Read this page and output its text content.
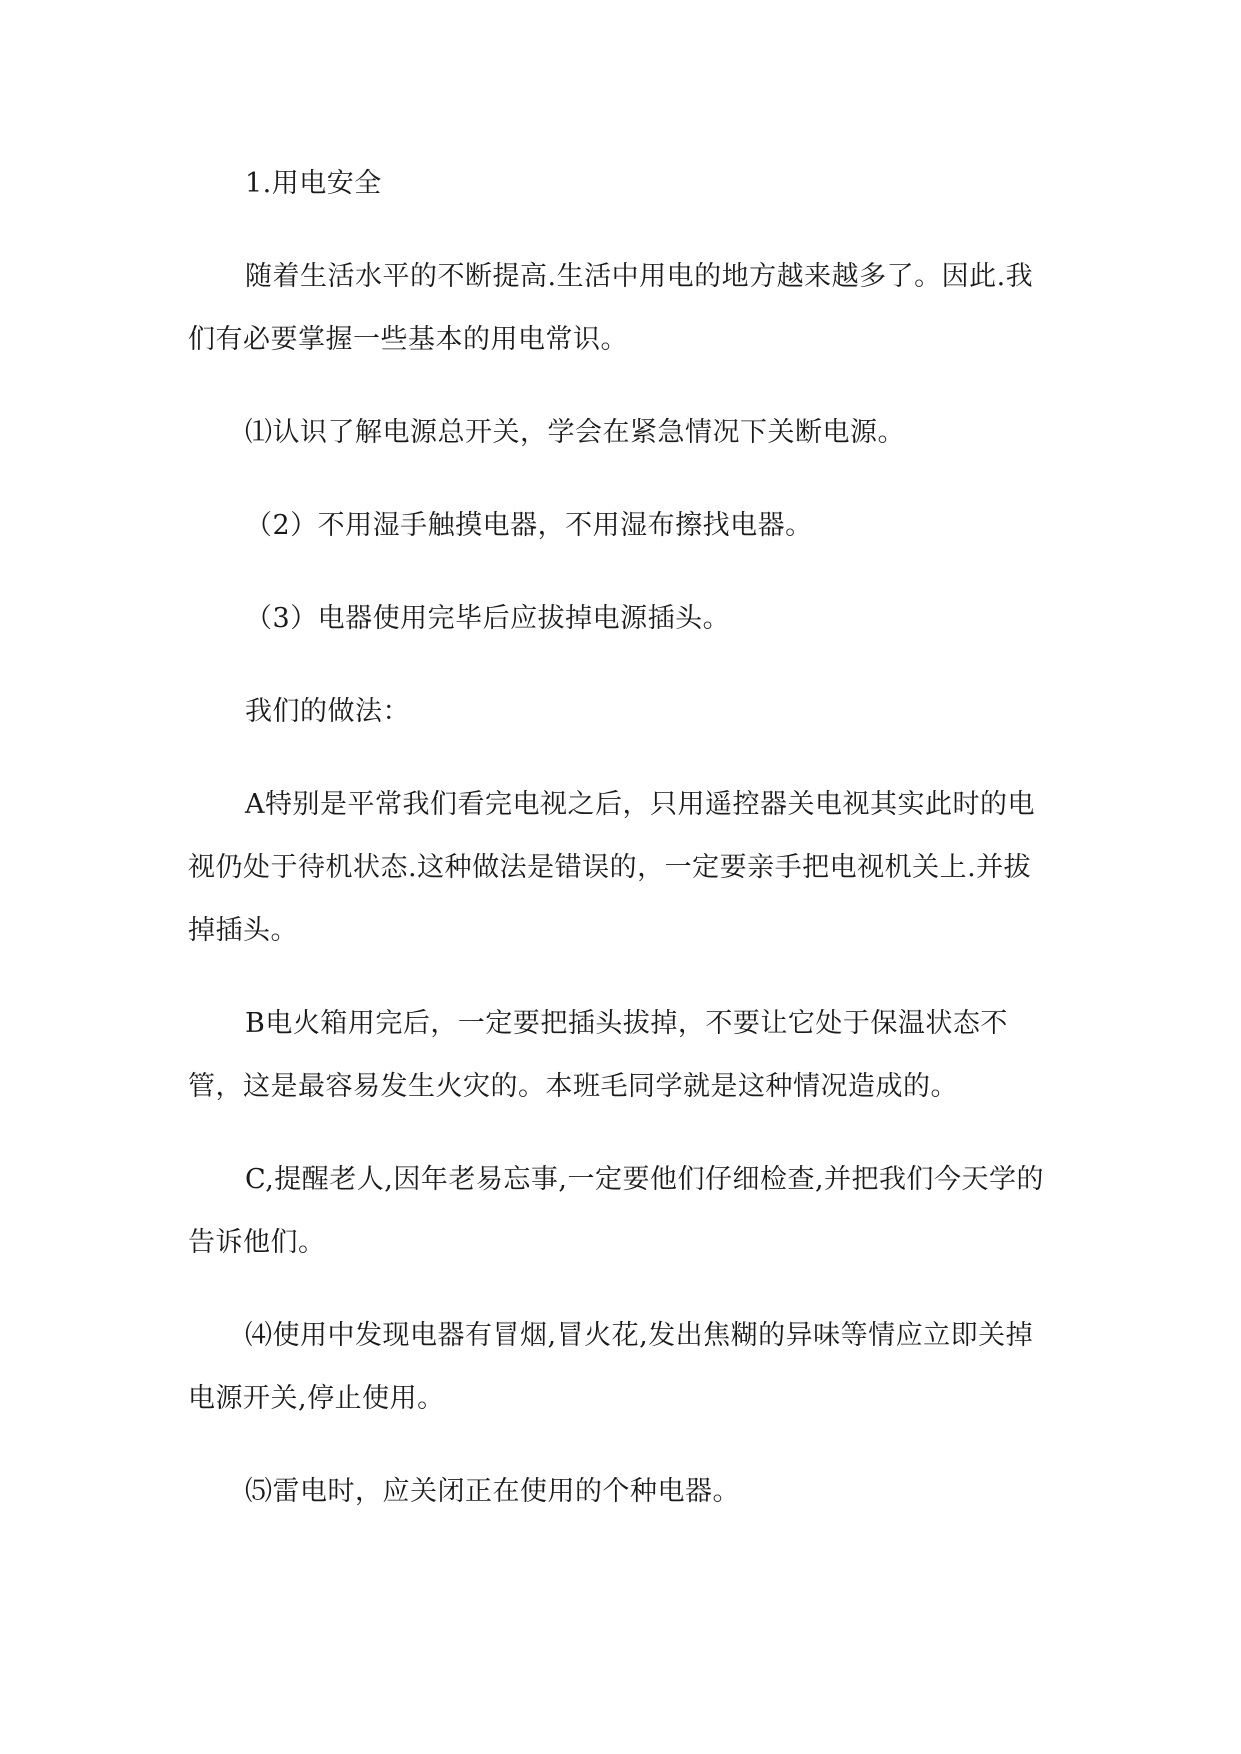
1.用电安全

随着生活水平的不断提高.生活中用电的地方越来越多了。因此.我们有必要掌握一些基本的用电常识。

⑴认识了解电源总开关，学会在紧急情况下关断电源。

（2）不用湿手触摸电器，不用湿布擦找电器。

（3）电器使用完毕后应拔掉电源插头。

我们的做法：

A特别是平常我们看完电视之后，只用遥控器关电视其实此时的电视仍处于待机状态.这种做法是错误的，一定要亲手把电视机关上.并拔掉插头。

B电火箱用完后，一定要把插头拔掉，不要让它处于保温状态不管，这是最容易发生火灾的。本班毛同学就是这种情况造成的。

C,提醒老人,因年老易忘事,一定要他们仔细检查,并把我们今天学的告诉他们。

⑷使用中发现电器有冒烟,冒火花,发出焦糊的异味等情应立即关掉电源开关,停止使用。

⑸雷电时，应关闭正在使用的个种电器。
